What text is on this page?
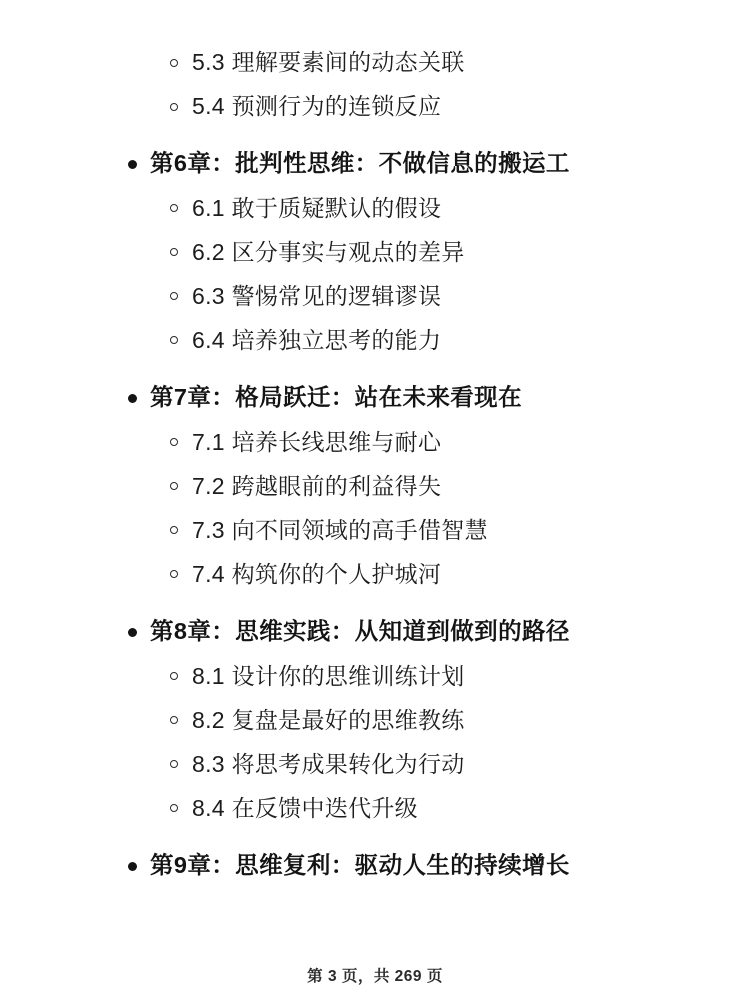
5.3 理解要素间的动态关联
5.4 预测行为的连锁反应
第6章：批判性思维：不做信息的搬运工
6.1 敢于质疑默认的假设
6.2 区分事实与观点的差异
6.3 警惕常见的逻辑谬误
6.4 培养独立思考的能力
第7章：格局跃迁：站在未来看现在
7.1 培养长线思维与耐心
7.2 跨越眼前的利益得失
7.3 向不同领域的高手借智慧
7.4 构筑你的个人护城河
第8章：思维实践：从知道到做到的路径
8.1 设计你的思维训练计划
8.2 复盘是最好的思维教练
8.3 将思考成果转化为行动
8.4 在反馈中迭代升级
第9章：思维复利：驱动人生的持续增长
第 3 页，共 269 页
